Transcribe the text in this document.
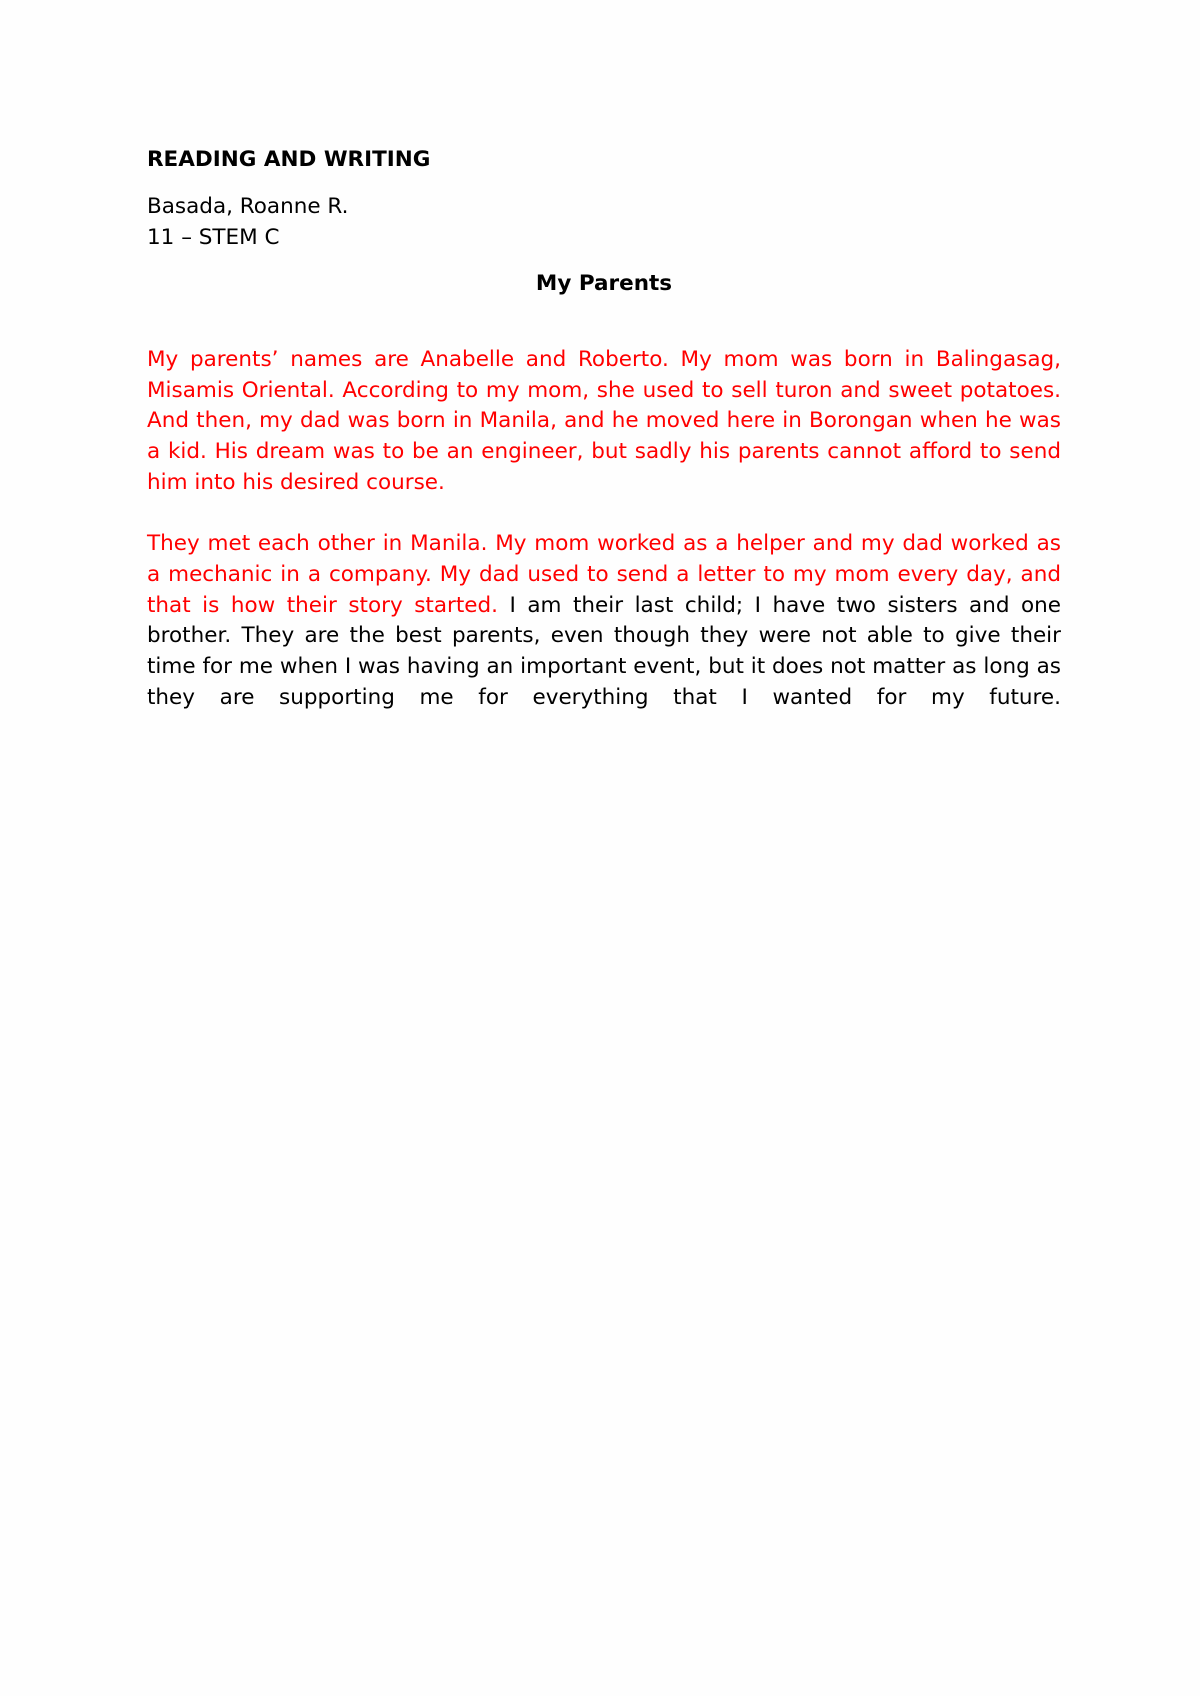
READING AND WRITING
Basada, Roanne R.
11 – STEM C
My Parents

My parents’ names are Anabelle and Roberto. My mom was born in Balingasag, Misamis Oriental. According to my mom, she used to sell turon and sweet potatoes. And then, my dad was born in Manila, and he moved here in Borongan when he was a kid. His dream was to be an engineer, but sadly his parents cannot afford to send him into his desired course.

They met each other in Manila. My mom worked as a helper and my dad worked as a mechanic in a company. My dad used to send a letter to my mom every day, and that is how their story started. I am their last child; I have two sisters and one brother. They are the best parents, even though they were not able to give their time for me when I was having an important event, but it does not matter as long as they are supporting me for everything that I wanted for my future.
